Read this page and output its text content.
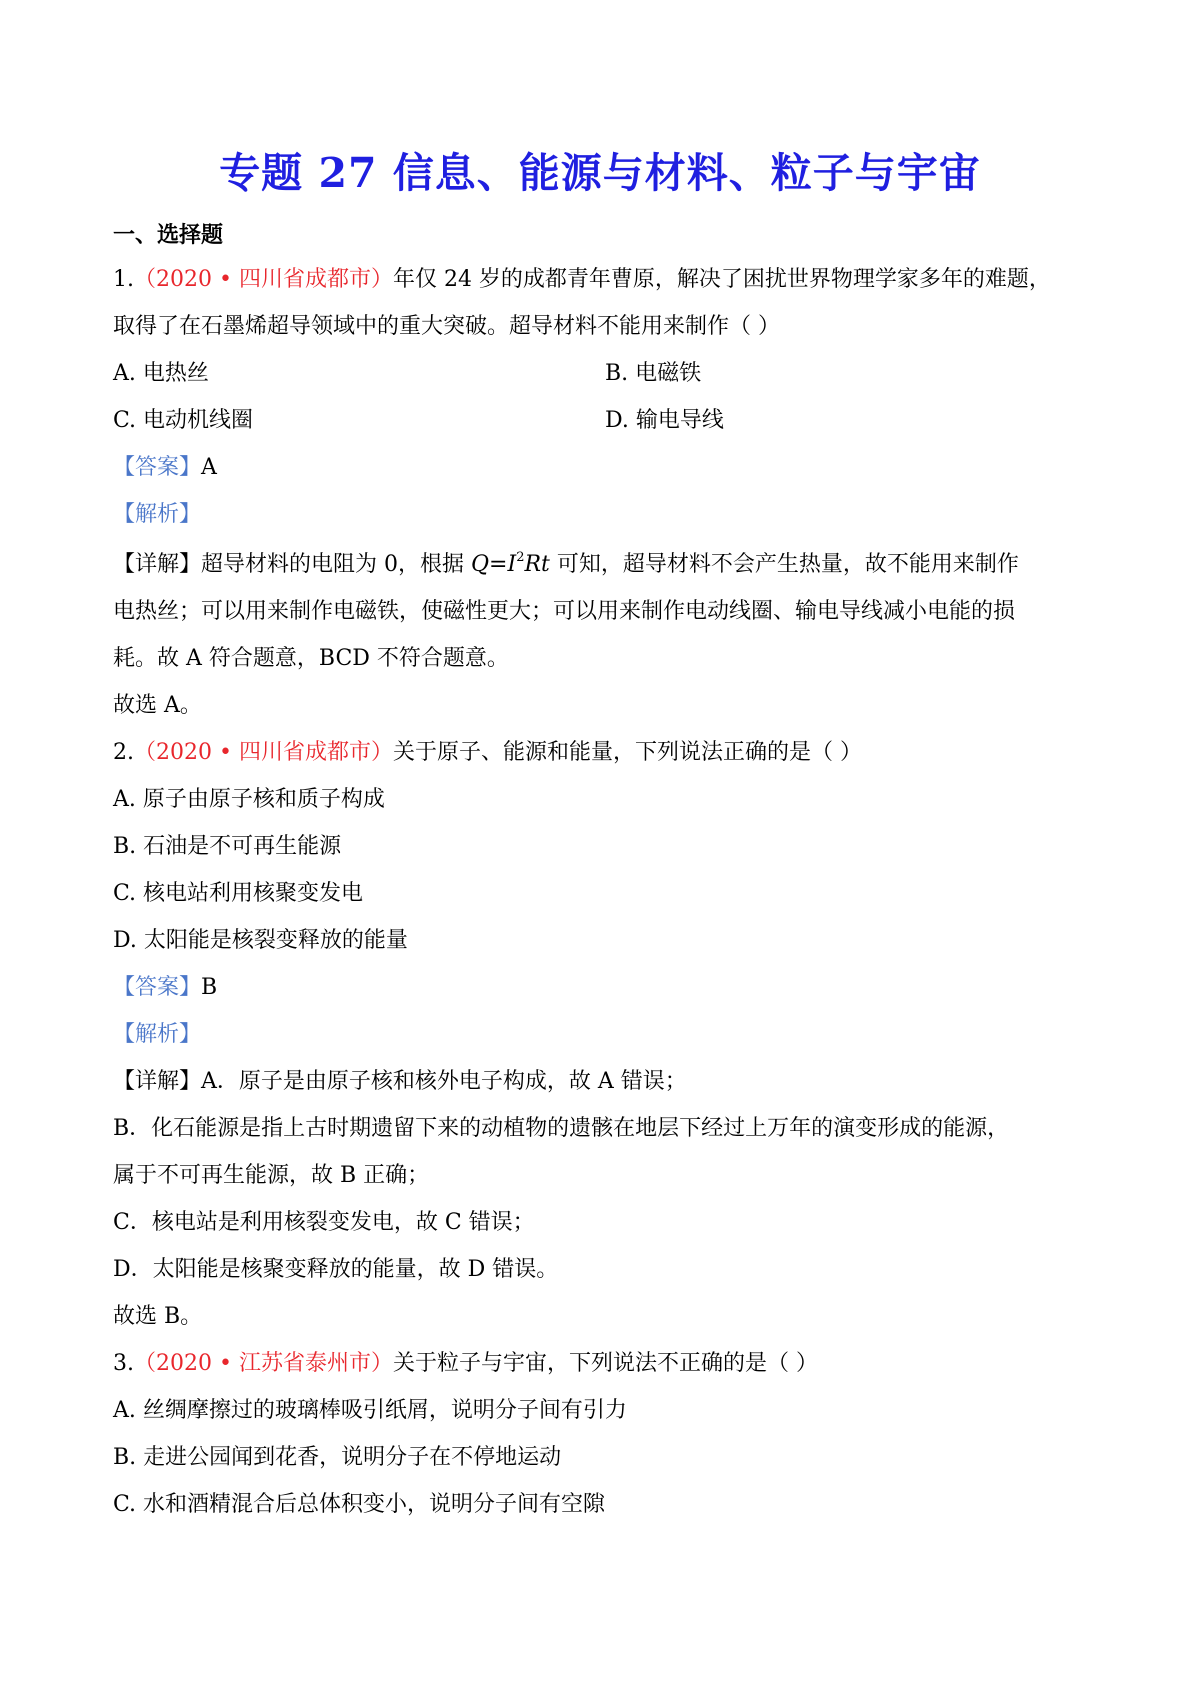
专题 27 信息、能源与材料、粒子与宇宙
一、选择题
1.（2020 • 四川省成都市）年仅 24 岁的成都青年曹原，解决了困扰世界物理学家多年的难题，
取得了在石墨烯超导领域中的重大突破。超导材料不能用来制作（ ）
A. 电热丝	B. 电磁铁
C. 电动机线圈	D. 输电导线
【答案】A
【解析】
【详解】超导材料的电阻为 0，根据 $Q=I^2Rt$ 可知，超导材料不会产生热量，故不能用来制作
电热丝；可以用来制作电磁铁，使磁性更大；可以用来制作电动线圈、输电导线减小电能的损
耗。故 A 符合题意，BCD 不符合题意。
故选 A。
2.（2020 • 四川省成都市）关于原子、能源和能量，下列说法正确的是（ ）
A. 原子由原子核和质子构成
B. 石油是不可再生能源
C. 核电站利用核聚变发电
D. 太阳能是核裂变释放的能量
【答案】B
【解析】
【详解】A．原子是由原子核和核外电子构成，故 A 错误；
B．化石能源是指上古时期遗留下来的动植物的遗骸在地层下经过上万年的演变形成的能源，
属于不可再生能源，故 B 正确；
C．核电站是利用核裂变发电，故 C 错误；
D．太阳能是核聚变释放的能量，故 D 错误。
故选 B。
3.（2020 • 江苏省泰州市）关于粒子与宇宙，下列说法不正确的是（ ）
A. 丝绸摩擦过的玻璃棒吸引纸屑，说明分子间有引力
B. 走进公园闻到花香，说明分子在不停地运动
C. 水和酒精混合后总体积变小，说明分子间有空隙
